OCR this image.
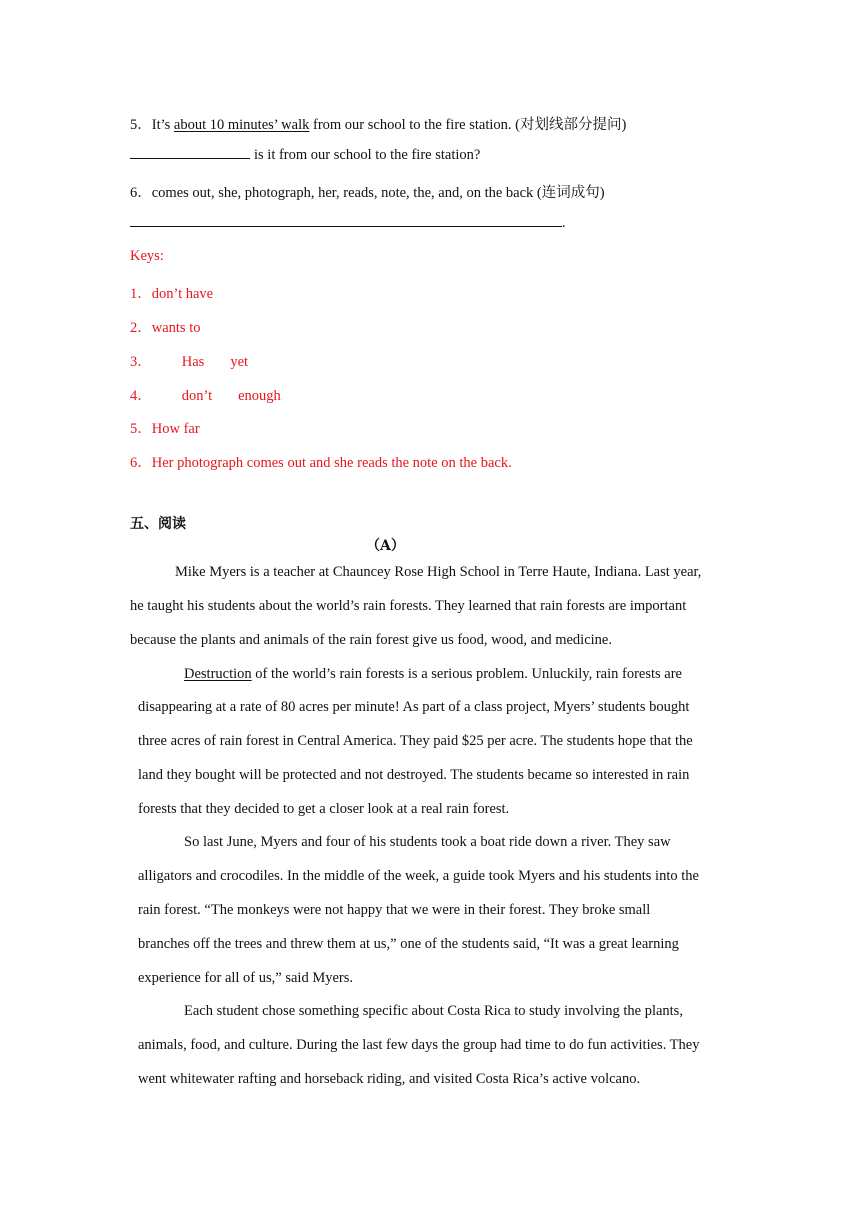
5．It’s about 10 minutes’ walk from our school to the fire station. (对划线部分提问)
is it from our school to the fire station?
6．comes out, she, photograph, her, reads, note, the, and, on the back (连词成句)
.
Keys:
1．don’t have
2．wants to
3． Has yet
4． don’t enough
5．How far
6．Her photograph comes out and she reads the note on the back.
五、阅读
（A）
Mike Myers is a teacher at Chauncey Rose High School in Terre Haute, Indiana. Last year,
he taught his students about the world’s rain forests. They learned that rain forests are important
because the plants and animals of the rain forest give us food, wood, and medicine.
Destruction of the world’s rain forests is a serious problem. Unluckily, rain forests are
disappearing at a rate of 80 acres per minute! As part of a class project, Myers’ students bought
three acres of rain forest in Central America. They paid $25 per acre. The students hope that the
land they bought will be protected and not destroyed. The students became so interested in rain
forests that they decided to get a closer look at a real rain forest.
So last June, Myers and four of his students took a boat ride down a river. They saw
alligators and crocodiles. In the middle of the week, a guide took Myers and his students into the
rain forest. “The monkeys were not happy that we were in their forest. They broke small
branches off the trees and threw them at us,” one of the students said, “It was a great learning
experience for all of us,” said Myers.
Each student chose something specific about Costa Rica to study involving the plants,
animals, food, and culture. During the last few days the group had time to do fun activities. They
went whitewater rafting and horseback riding, and visited Costa Rica’s active volcano.
